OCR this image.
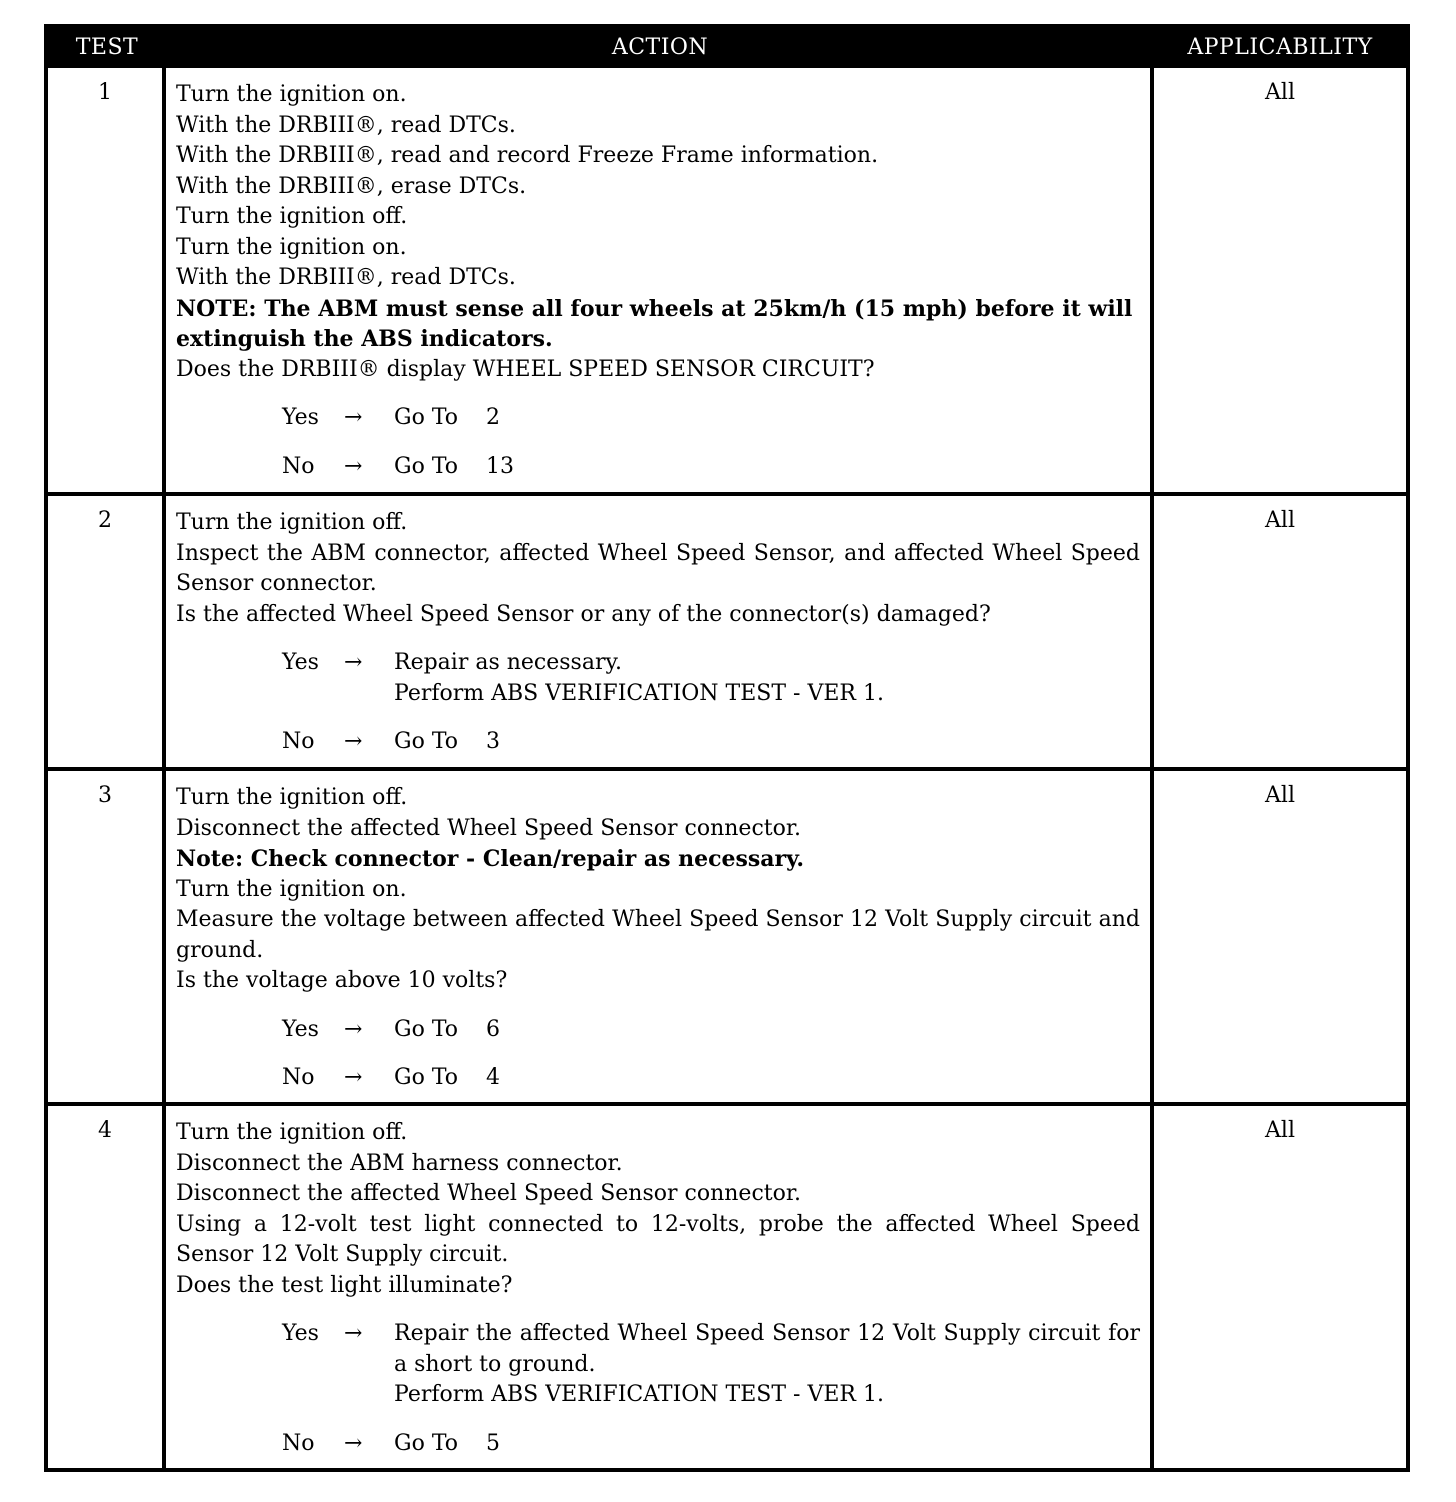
TEST	ACTION	APPLICABILITY
1	Turn the ignition on.
With the DRBIII®, read DTCs.
With the DRBIII®, read and record Freeze Frame information.
With the DRBIII®, erase DTCs.
Turn the ignition off.
Turn the ignition on.
With the DRBIII®, read DTCs.
NOTE: The ABM must sense all four wheels at 25km/h (15 mph) before it will extinguish the ABS indicators.
Does the DRBIII® display WHEEL SPEED SENSOR CIRCUIT?
Yes	→	Go To 2
No	→	Go To 13
All
2	Turn the ignition off.
Inspect the ABM connector, affected Wheel Speed Sensor, and affected Wheel Speed Sensor connector.
Is the affected Wheel Speed Sensor or any of the connector(s) damaged?
Yes	→	Repair as necessary.
Perform ABS VERIFICATION TEST - VER 1.
No	→	Go To 3
All
3	Turn the ignition off.
Disconnect the affected Wheel Speed Sensor connector.
Note: Check connector - Clean/repair as necessary.
Turn the ignition on.
Measure the voltage between affected Wheel Speed Sensor 12 Volt Supply circuit and ground.
Is the voltage above 10 volts?
Yes	→	Go To 6
No	→	Go To 4
All
4	Turn the ignition off.
Disconnect the ABM harness connector.
Disconnect the affected Wheel Speed Sensor connector.
Using a 12-volt test light connected to 12-volts, probe the affected Wheel Speed Sensor 12 Volt Supply circuit.
Does the test light illuminate?
Yes	→	Repair the affected Wheel Speed Sensor 12 Volt Supply circuit for a short to ground.
Perform ABS VERIFICATION TEST - VER 1.
No	→	Go To 5
All
